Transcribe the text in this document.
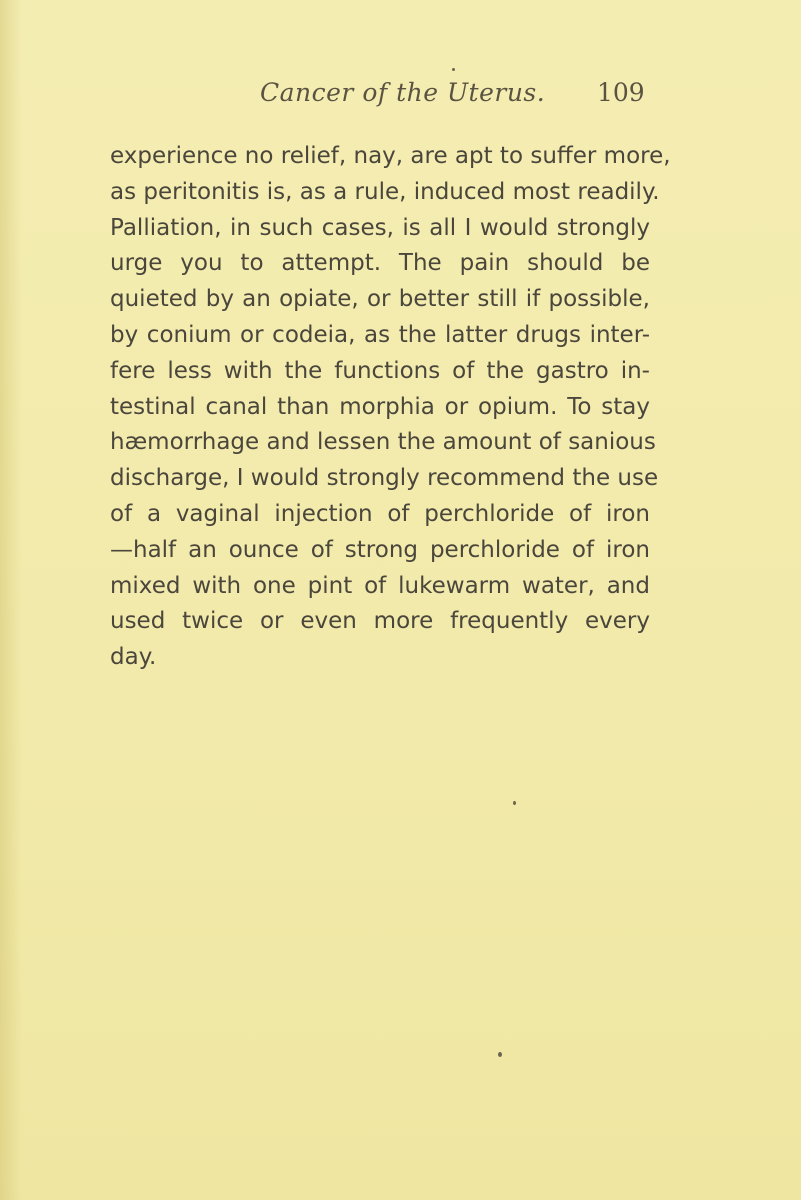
Cancer of the Uterus. 109
experience no relief, nay, are apt to suffer more,
as peritonitis is, as a rule, induced most readily.
Palliation, in such cases, is all I would strongly
urge you to attempt. The pain should be
quieted by an opiate, or better still if possible,
by conium or codeia, as the latter drugs inter-
fere less with the functions of the gastro in-
testinal canal than morphia or opium. To stay
hæmorrhage and lessen the amount of sanious
discharge, I would strongly recommend the use
of a vaginal injection of perchloride of iron
—half an ounce of strong perchloride of iron
mixed with one pint of lukewarm water, and
used twice or even more frequently every
day.
